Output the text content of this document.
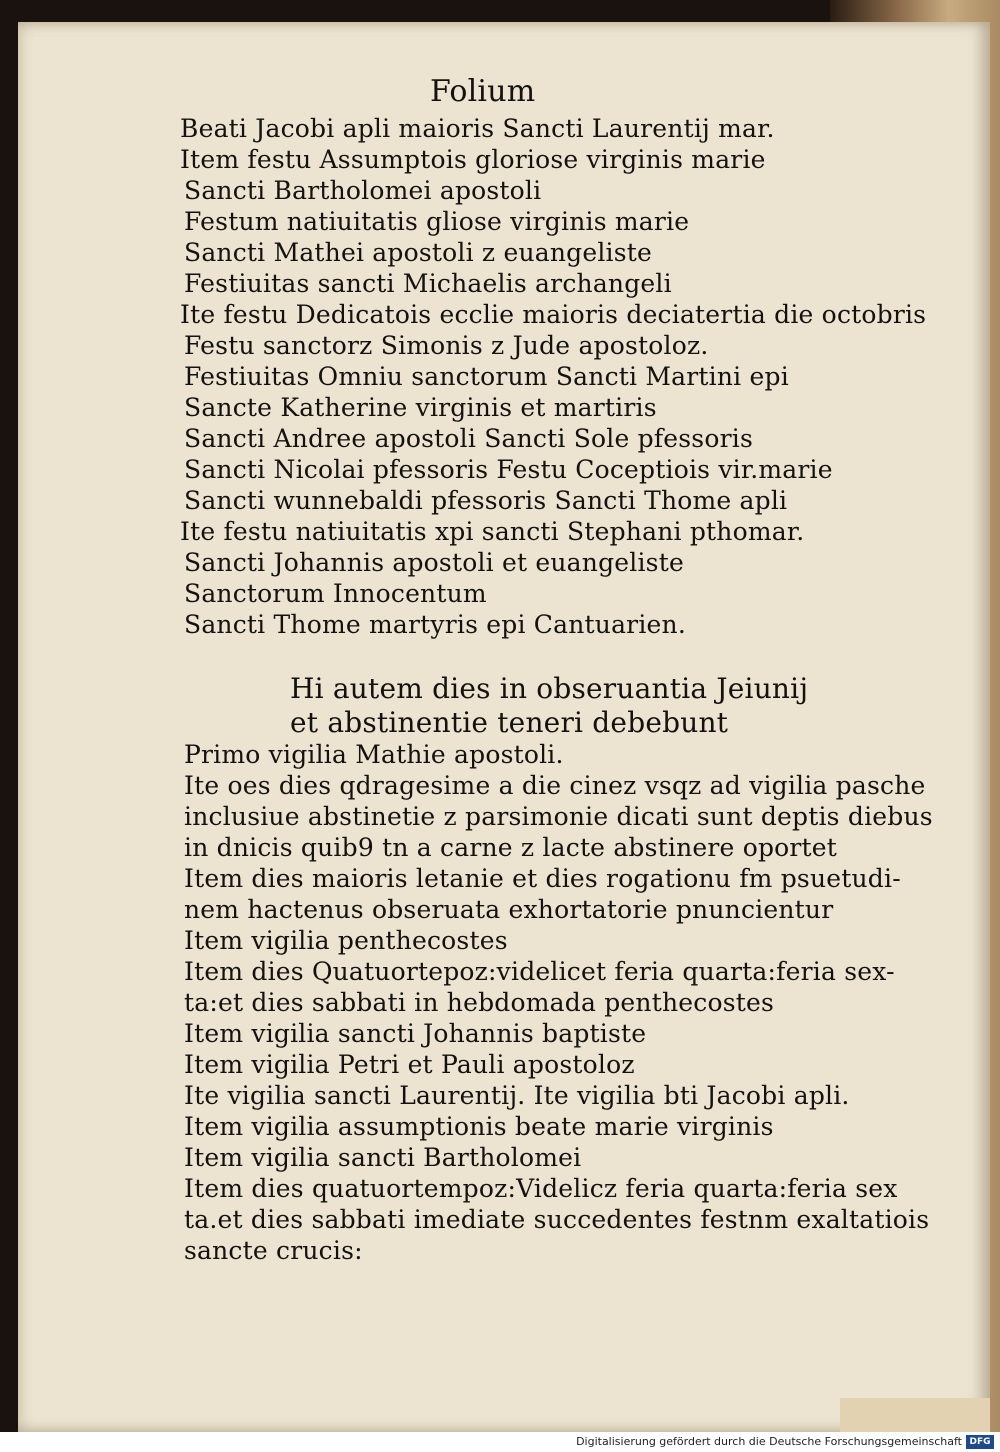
Folium

Beati Jacobi apli maioris Sancti Laurentij mar.

Item festu Assumptois gloriose virginis marie

Sancti Bartholomei apostoli

Festum natiuitatis gliose virginis marie

Sancti Mathei apostoli z euangeliste

Festiuitas sancti Michaelis archangeli

Ite festu Dedicatois ecclie maioris deciatertia die octobris

Festu sanctorz Simonis z Jude apostoloz.

Festiuitas Omniu sanctorum Sancti Martini epi

Sancte Katherine virginis et martiris

Sancti Andree apostoli Sancti Sole pfessoris

Sancti Nicolai pfessoris Festu Coceptiois vir.marie

Sancti wunnebaldi pfessoris Sancti Thome apli

Ite festu natiuitatis xpi sancti Stephani pthomar.

Sancti Johannis apostoli et euangeliste

Sanctorum Innocentum

Sancti Thome martyris epi Cantuarien.

Hi autem dies in obseruantia Jeiunij

et abstinentie teneri debebunt

Primo vigilia Mathie apostoli.

Ite oes dies qdragesime a die cinez vsqz ad vigilia pasche

inclusiue abstinetie z parsimonie dicati sunt deptis diebus

in dnicis quib9 tn a carne z lacte abstinere oportet

Item dies maioris letanie et dies rogationu fm psuetudi-

nem hactenus obseruata exhortatorie pnuncientur

Item vigilia penthecostes

Item dies Quatuortepoz:videlicet feria quarta:feria sex-

ta:et dies sabbati in hebdomada penthecostes

Item vigilia sancti Johannis baptiste

Item vigilia Petri et Pauli apostoloz

Ite vigilia sancti Laurentij. Ite vigilia bti Jacobi apli.

Item vigilia assumptionis beate marie virginis

Item vigilia sancti Bartholomei

Item dies quatuortempoz:Videlicz feria quarta:feria sex

ta.et dies sabbati imediate succedentes festnm exaltatiois

sancte crucis:

Digitalisierung gefördert durch die Deutsche Forschungsgemeinschaft DFG
